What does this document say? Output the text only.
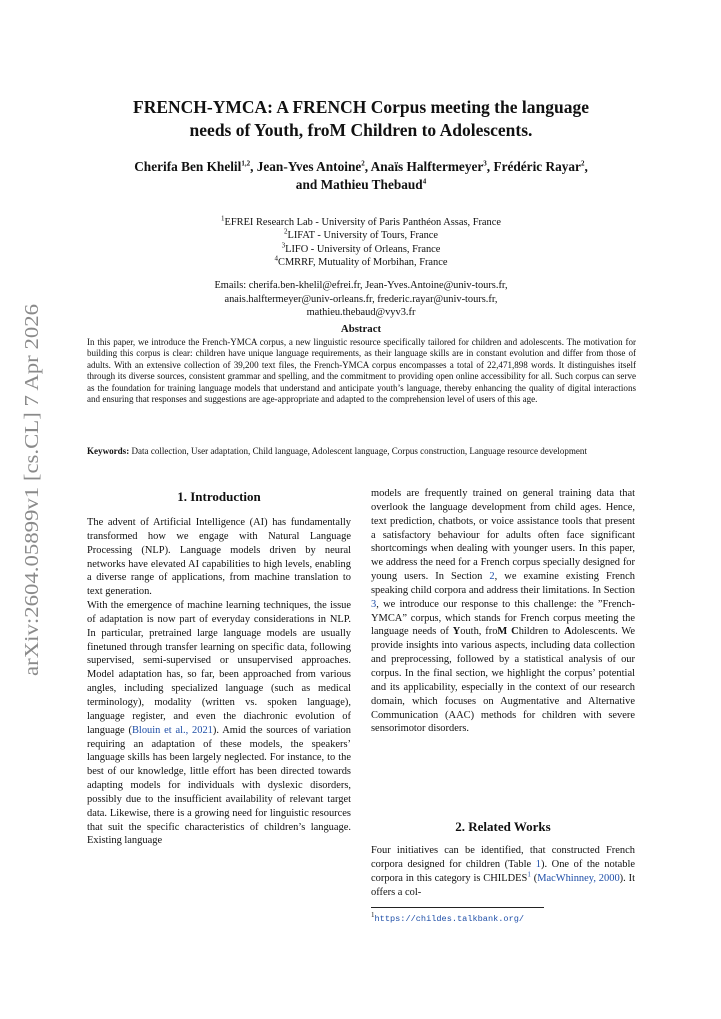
arXiv:2604.05899v1 [cs.CL] 7 Apr 2026
FRENCH-YMCA: A FRENCH Corpus meeting the language
needs of Youth, froM Children to Adolescents.
Cherifa Ben Khelil$^{1,2}$, Jean-Yves Antoine$^2$, Anaïs Halftermeyer$^3$, Frédéric Rayar$^2$,
and Mathieu Thebaud$^4$
$^1$EFREI Research Lab - University of Paris Panthéon Assas, France
$^2$LIFAT - University of Tours, France
$^3$LIFO - University of Orleans, France
$^4$CMRRF, Mutuality of Morbihan, France
Emails: cherifa.ben-khelil@efrei.fr, Jean-Yves.Antoine@univ-tours.fr,
anais.halftermeyer@univ-orleans.fr, frederic.rayar@univ-tours.fr,
mathieu.thebaud@vyv3.fr
Abstract
In this paper, we introduce the French-YMCA corpus, a new linguistic resource specifically tailored for children and adolescents. The motivation for building this corpus is clear: children have unique language requirements, as their language skills are in constant evolution and differ from those of adults. With an extensive collection of 39,200 text files, the French-YMCA corpus encompasses a total of 22,471,898 words. It distinguishes itself through its diverse sources, consistent grammar and spelling, and the commitment to providing open online accessibility for all. Such corpus can serve as the foundation for training language models that understand and anticipate youth’s language, thereby enhancing the quality of digital interactions and ensuring that responses and suggestions are age-appropriate and adapted to the comprehension level of users of this age.
Keywords: Data collection, User adaptation, Child language, Adolescent language, Corpus construction, Language resource development
1. Introduction

The advent of Artificial Intelligence (AI) has fundamentally transformed how we engage with Natural Language Processing (NLP). Language models driven by neural networks have elevated AI capabilities to high levels, enabling a diverse range of applications, from machine translation to text generation.

With the emergence of machine learning techniques, the issue of adaptation is now part of everyday considerations in NLP. In particular, pretrained large language models are usually finetuned through transfer learning on specific data, following supervised, semi-supervised or unsupervised approaches. Model adaptation has, so far, been approached from various angles, including specialized language (such as medical terminology), modality (written vs. spoken language), language register, and even the diachronic evolution of language (Blouin et al., 2021). Amid the sources of variation requiring an adaptation of these models, the speakers’ language skills has been largely neglected. For instance, to the best of our knowledge, little effort has been directed towards adapting models for individuals with dyslexic disorders, possibly due to the insufficient availability of relevant target data. Likewise, there is a growing need for linguistic resources that suit the specific characteristics of children’s language. Existing language

models are frequently trained on general training data that overlook the language development from child ages. Hence, text prediction, chatbots, or voice assistance tools that present a satisfactory behaviour for adults often face significant shortcomings when dealing with younger users. In this paper, we address the need for a French corpus specially designed for young users. In Section 2, we examine existing French speaking child corpora and address their limitations. In Section 3, we introduce our response to this challenge: the ”French-YMCA” corpus, which stands for French corpus meeting the language needs of Youth, froM Children to Adolescents. We provide insights into various aspects, including data collection and preprocessing, followed by a statistical analysis of our corpus. In the final section, we highlight the corpus’ potential and its applicability, especially in the context of our research domain, which focuses on Augmentative and Alternative Communication (AAC) methods for children with severe sensorimotor disorders.

2. Related Works

Four initiatives can be identified, that constructed French corpora designed for children (Table 1). One of the notable corpora in this category is CHILDES$^1$ (MacWhinney, 2000). It offers a col-

$^1$https://childes.talkbank.org/
